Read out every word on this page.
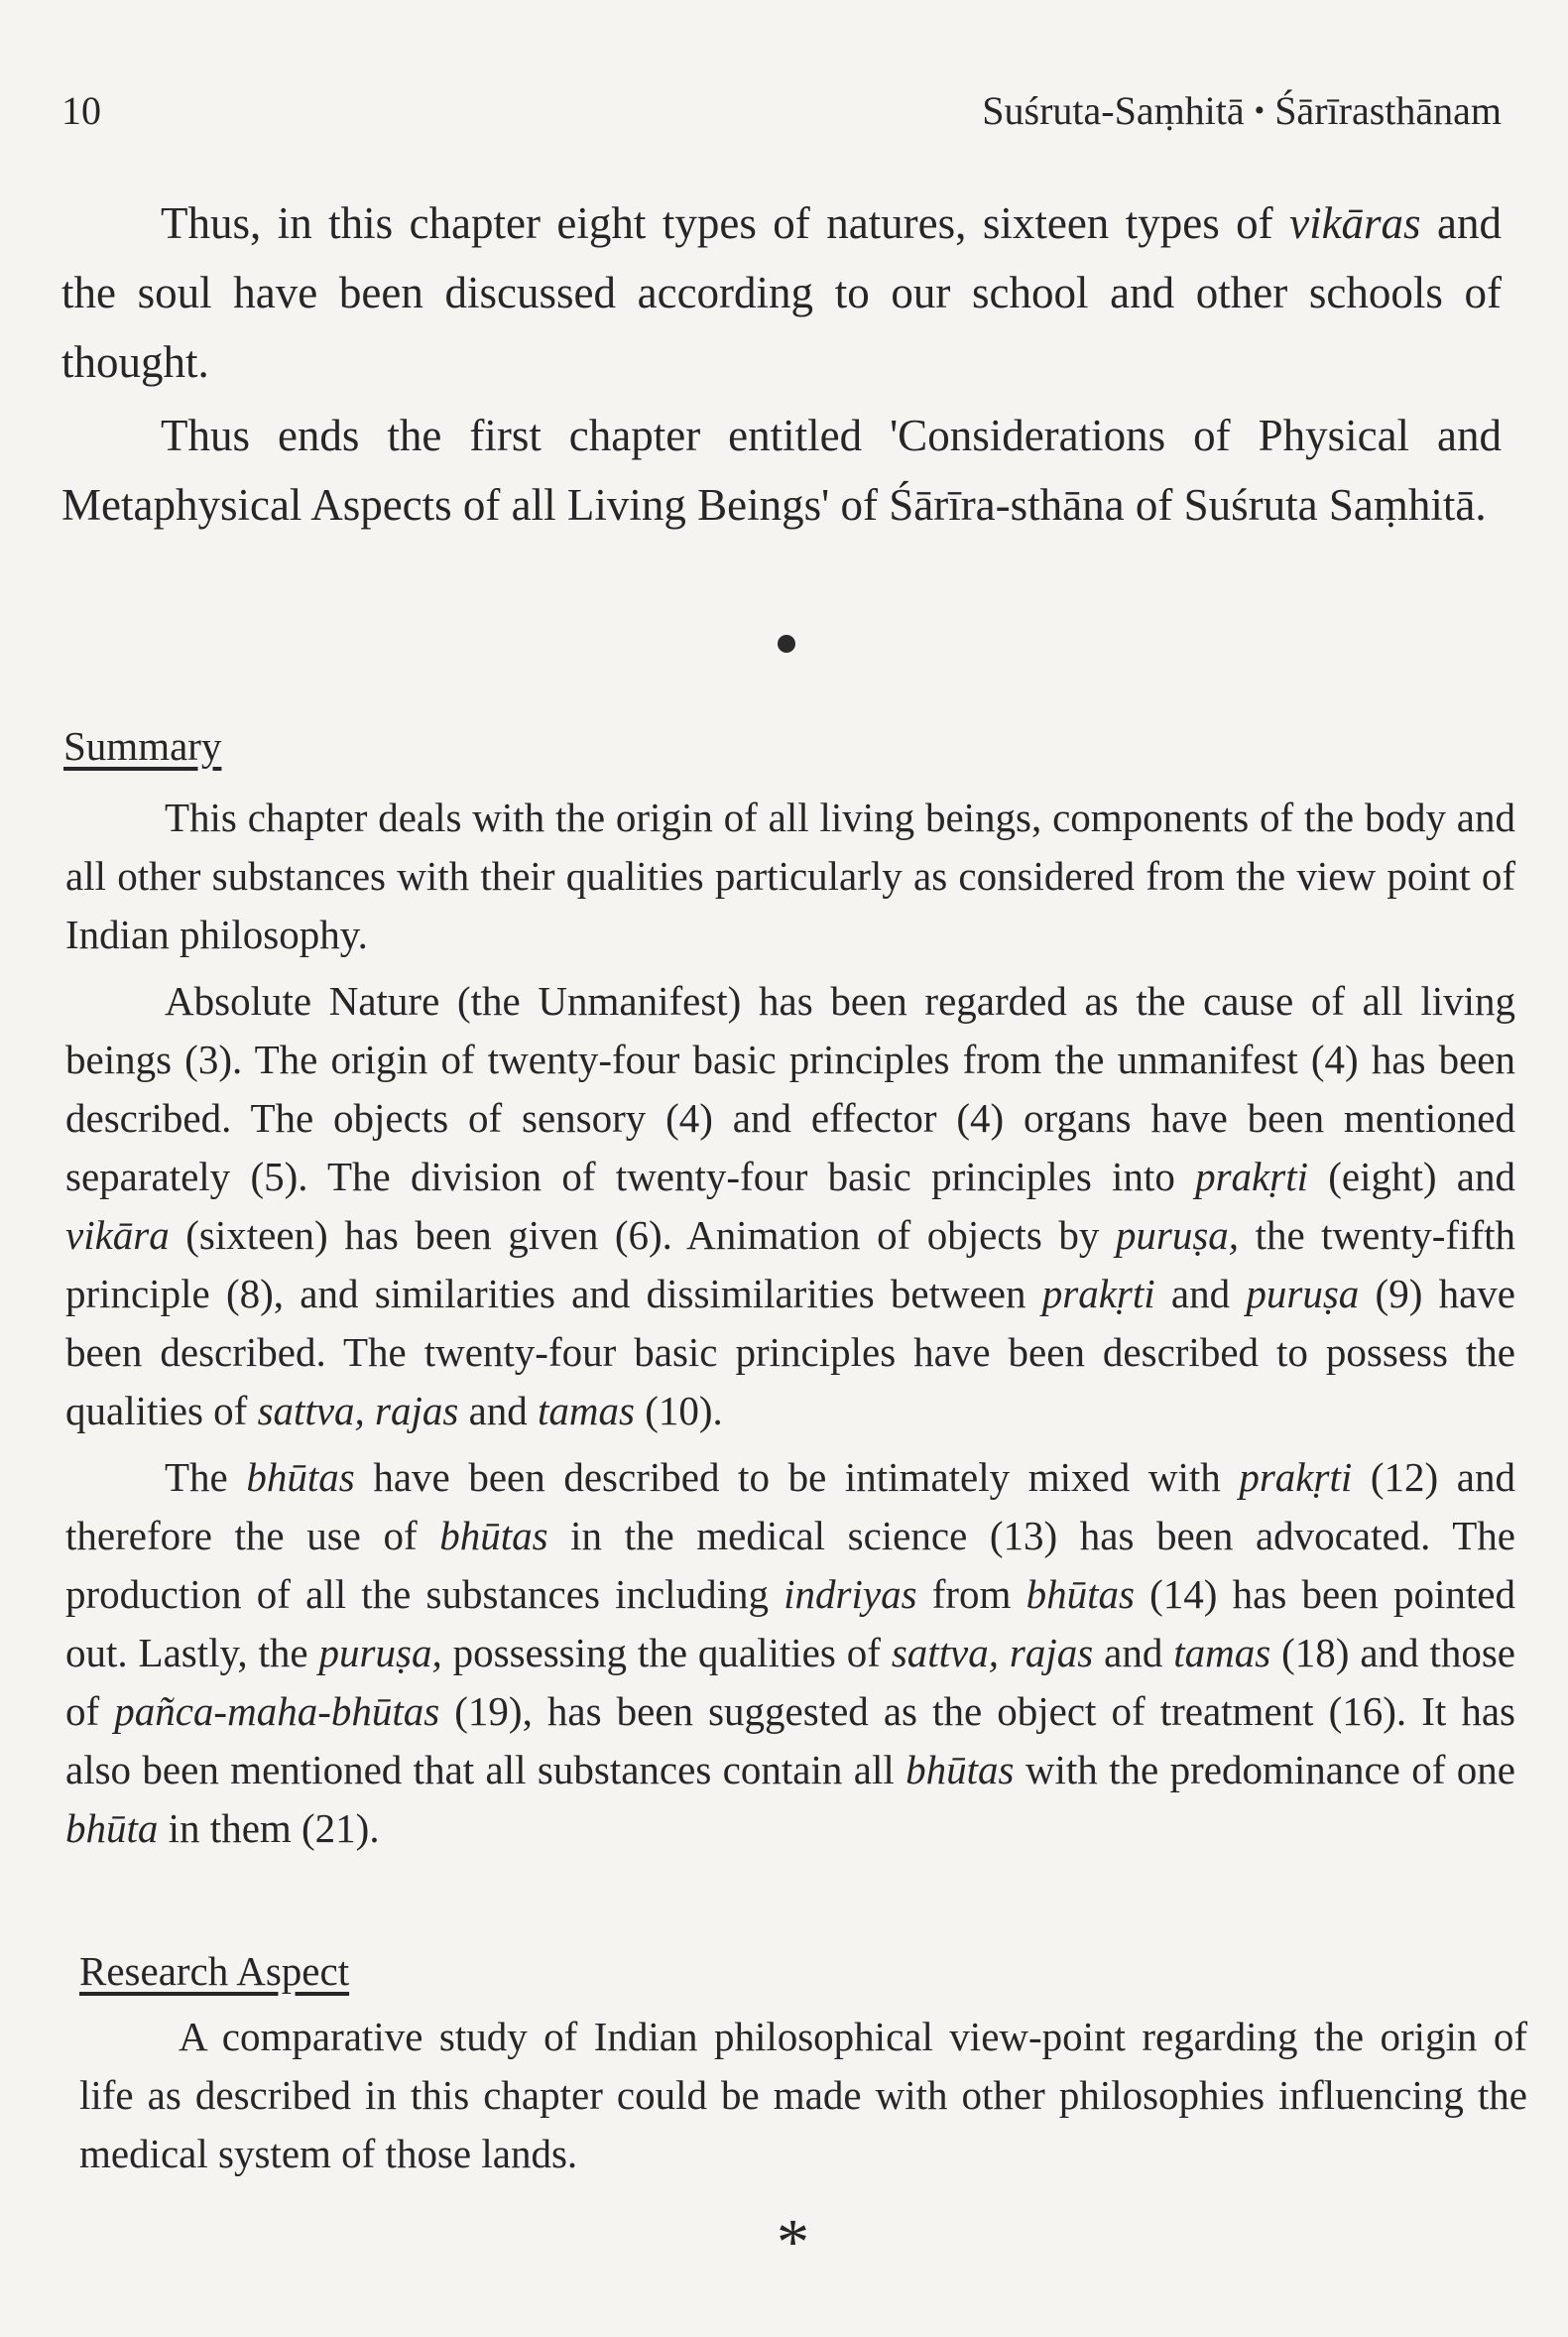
10	Suśruta-Saṃhitā • Śārīrasthānam

Thus, in this chapter eight types of natures, sixteen types of vikāras and the soul have been discussed according to our school and other schools of thought.

Thus ends the first chapter entitled 'Considerations of Physical and Metaphysical Aspects of all Living Beings' of Śārīra-sthāna of Suśruta Saṃhitā.

Summary

This chapter deals with the origin of all living beings, components of the body and all other substances with their qualities particularly as considered from the view point of Indian philosophy.

Absolute Nature (the Unmanifest) has been regarded as the cause of all living beings (3). The origin of twenty-four basic principles from the unmanifest (4) has been described. The objects of sensory (4) and effector (4) organs have been mentioned separately (5). The division of twenty-four basic principles into prakṛti (eight) and vikāra (sixteen) has been given (6). Animation of objects by puruṣa, the twenty-fifth principle (8), and similarities and dissimilarities between prakṛti and puruṣa (9) have been described. The twenty-four basic principles have been described to possess the qualities of sattva, rajas and tamas (10).

The bhūtas have been described to be intimately mixed with prakṛti (12) and therefore the use of bhūtas in the medical science (13) has been advocated. The production of all the substances including indriyas from bhūtas (14) has been pointed out. Lastly, the puruṣa, possessing the qualities of sattva, rajas and tamas (18) and those of pañca-maha-bhūtas (19), has been suggested as the object of treatment (16). It has also been mentioned that all substances contain all bhūtas with the predominance of one bhūta in them (21).

Research Aspect

A comparative study of Indian philosophical view-point regarding the origin of life as described in this chapter could be made with other philosophies influencing the medical system of those lands.

*
